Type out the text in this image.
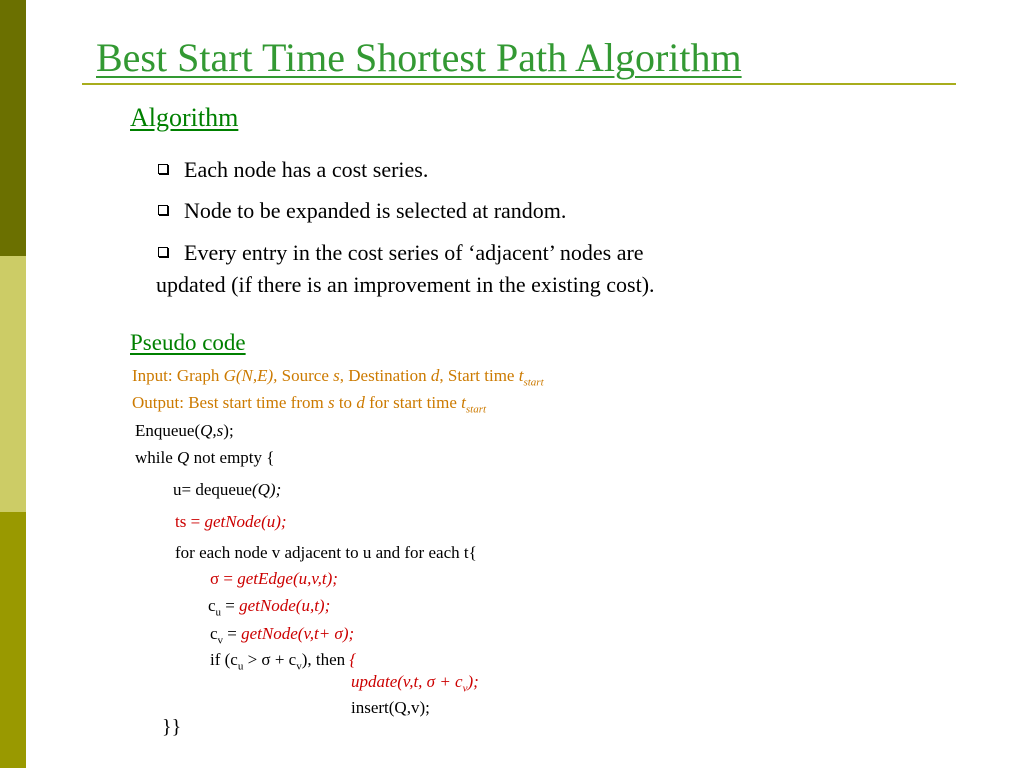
Best Start Time Shortest Path Algorithm
Algorithm
Each node has a cost series.
Node to be expanded is selected at random.
Every entry in the cost series of ‘adjacent’ nodes are
updated (if there is an improvement in the existing cost).
Pseudo code
Input: Graph G(N,E), Source s, Destination d, Start time $t_{start}$
Output: Best start time from s to d for start time $t_{start}$
Enqueue(Q,s);
while Q not empty {
u= dequeue(Q);
ts = getNode(u);
for each node v adjacent to u and for each t{
σ = getEdge(u,v,t);
$c_u$ = getNode(u,t);
$c_v$ = getNode(v,t+ σ);
if $(c_u > \sigma + c_v)$, then {
update(v,t, $\sigma + c_v$);
insert(Q,v);
}}
